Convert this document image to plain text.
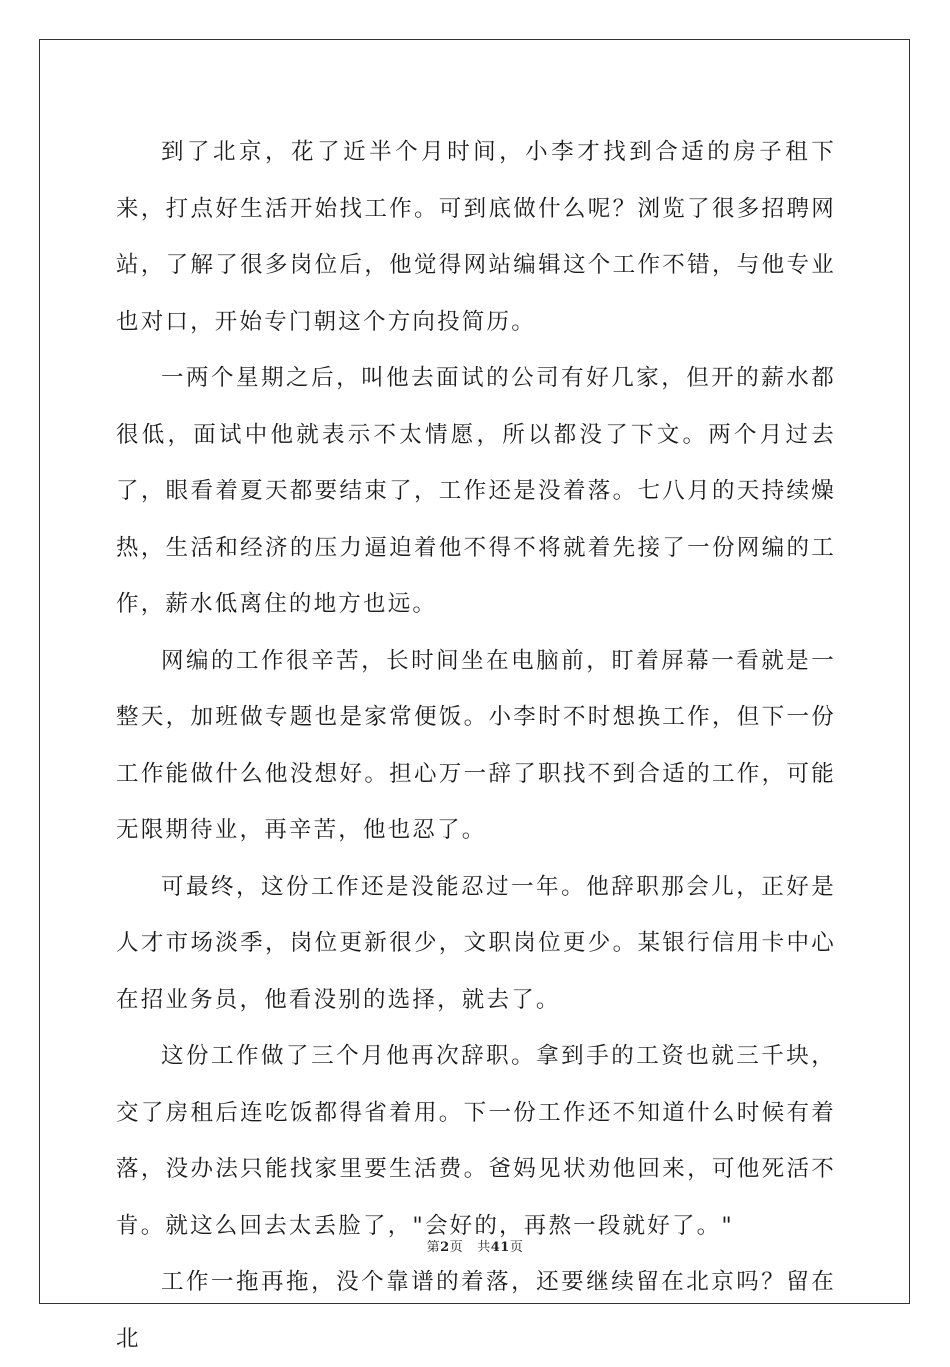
到了北京，花了近半个月时间，小李才找到合适的房子租下来，打点好生活开始找工作。可到底做什么呢？浏览了很多招聘网站，了解了很多岗位后，他觉得网站编辑这个工作不错，与他专业也对口，开始专门朝这个方向投简历。

一两个星期之后，叫他去面试的公司有好几家，但开的薪水都很低，面试中他就表示不太情愿，所以都没了下文。两个月过去了，眼看着夏天都要结束了，工作还是没着落。七八月的天持续燥热，生活和经济的压力逼迫着他不得不将就着先接了一份网编的工作，薪水低离住的地方也远。

网编的工作很辛苦，长时间坐在电脑前，盯着屏幕一看就是一整天，加班做专题也是家常便饭。小李时不时想换工作，但下一份工作能做什么他没想好。担心万一辞了职找不到合适的工作，可能无限期待业，再辛苦，他也忍了。

可最终，这份工作还是没能忍过一年。他辞职那会儿，正好是人才市场淡季，岗位更新很少，文职岗位更少。某银行信用卡中心在招业务员，他看没别的选择，就去了。

这份工作做了三个月他再次辞职。拿到手的工资也就三千块，交了房租后连吃饭都得省着用。下一份工作还不知道什么时候有着落，没办法只能找家里要生活费。爸妈见状劝他回来，可他死活不肯。就这么回去太丢脸了，"会好的，再熬一段就好了。"

工作一拖再拖，没个靠谱的着落，还要继续留在北京吗？留在北

第2页 共41页
